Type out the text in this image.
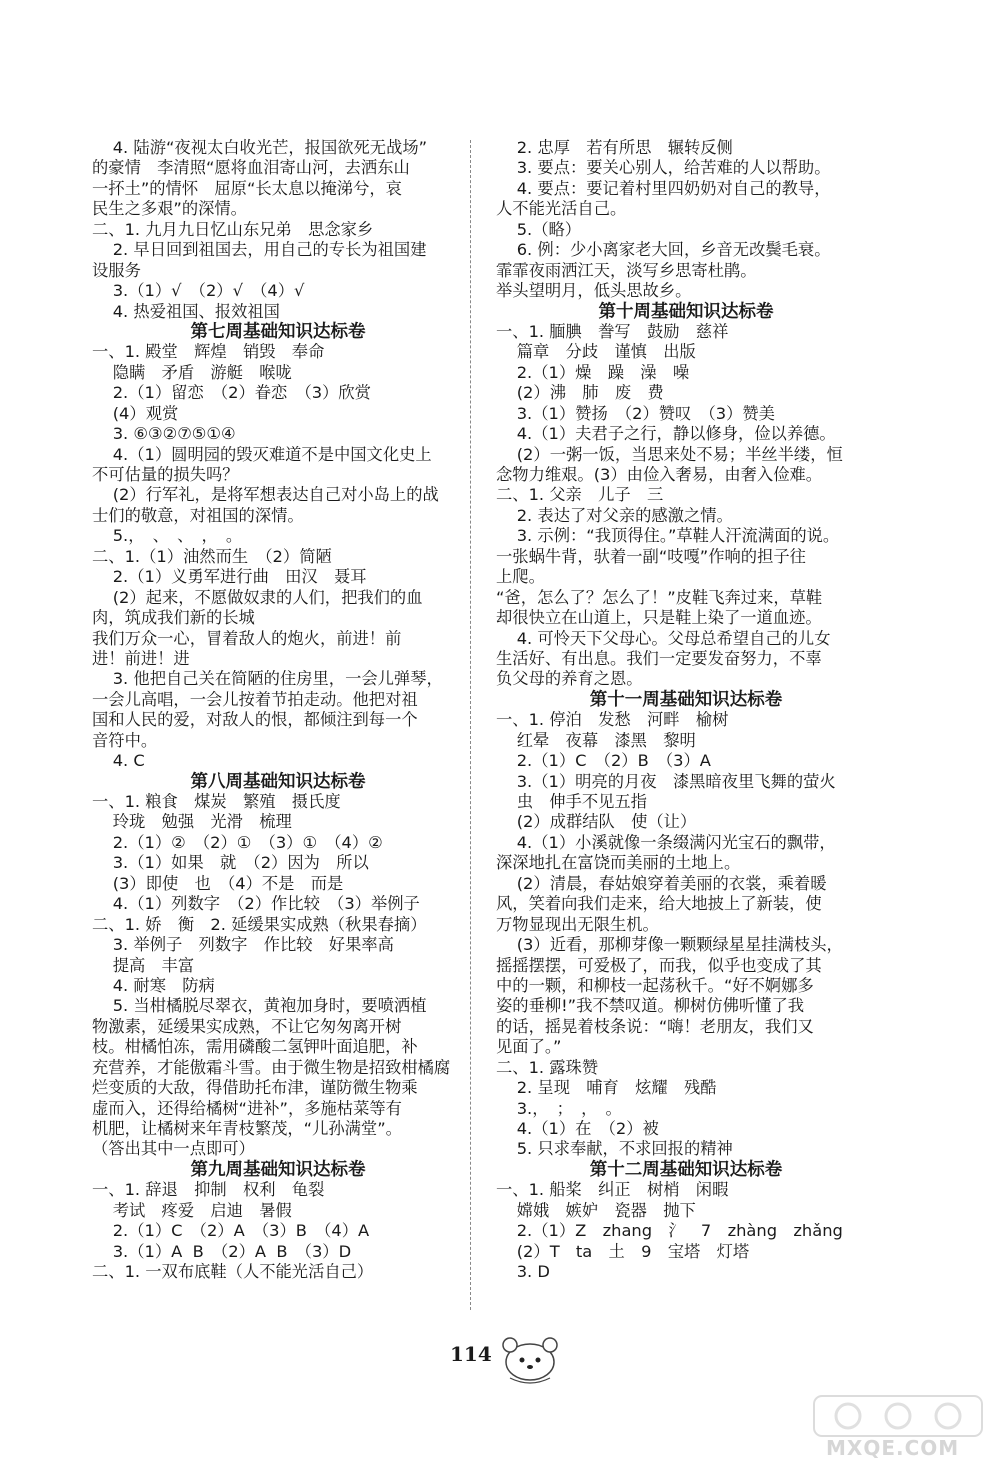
4. 陆游“夜视太白收光芒，报国欲死无战场”
的豪情　李清照“愿将血泪寄山河，去洒东山
一抔土”的情怀　屈原“长太息以掩涕兮，哀
民生之多艰”的深情。
二、1. 九月九日忆山东兄弟　思念家乡
2. 早日回到祖国去，用自己的专长为祖国建
设服务
3.（1）√　（2）√　（4）√
4. 热爱祖国、报效祖国
第七周基础知识达标卷
一、1. 殿堂　辉煌　销毁　奉命
隐瞒　矛盾　游艇　喉咙
2.（1）留恋　（2）眷恋　（3）欣赏
(4）观赏
3. ⑥③②⑦⑤①④
4.（1）圆明园的毁灭难道不是中国文化史上
不可估量的损失吗？
(2）行军礼，是将军想表达自己对小岛上的战
士们的敬意，对祖国的深情。
5.，　、　、　，　。
二、1.（1）油然而生　（2）简陋
2.（1）义勇军进行曲　田汉　聂耳
(2）起来，不愿做奴隶的人们，把我们的血
肉，筑成我们新的长城
我们万众一心，冒着敌人的炮火，前进！前
进！前进！进
3. 他把自己关在简陋的住房里，一会儿弹琴，
一会儿高唱，一会儿按着节拍走动。他把对祖
国和人民的爱，对敌人的恨，都倾注到每一个
音符中。
4. C
第八周基础知识达标卷
一、1. 粮食　煤炭　繁殖　摄氏度
玲珑　勉强　光滑　梳理
2.（1）②　（2）①　（3）①　（4）②
3.（1）如果　就　（2）因为　所以
(3）即使　也　（4）不是　而是
4.（1）列数字　（2）作比较　（3）举例子
二、1. 娇　衡　2. 延缓果实成熟（秋果春摘）
3. 举例子　列数字　作比较　好果率高
提高　丰富
4. 耐寒　防病
5. 当柑橘脱尽翠衣，黄袍加身时，要喷洒植
物激素，延缓果实成熟，不让它匆匆离开树
枝。柑橘怕冻，需用磷酸二氢钾叶面追肥，补
充营养，才能傲霜斗雪。由于微生物是招致柑橘腐
烂变质的大敌，得借助托布津，谨防微生物乘
虚而入，还得给橘树“进补”，多施枯菜等有
机肥，让橘树来年青枝繁茂，“儿孙满堂”。
（答出其中一点即可）
第九周基础知识达标卷
一、1. 辞退　抑制　权利　龟裂
考试　疼爱　启迪　暑假
2.（1）C　（2）A　（3）B　（4）A
3.（1）A  B　（2）A  B　（3）D
二、1. 一双布底鞋（人不能光活自己）
2. 忠厚　若有所思　辗转反侧
3. 要点：要关心别人，给苦难的人以帮助。
4. 要点：要记着村里四奶奶对自己的教导，
人不能光活自己。
5.（略）
6. 例：少小离家老大回，乡音无改鬓毛衰。
霏霏夜雨洒江天，淡写乡思寄杜鹃。
举头望明月，低头思故乡。
第十周基础知识达标卷
一、1. 腼腆　誊写　鼓励　慈祥
篇章　分歧　谨慎　出版
2.（1）燥　躁　澡　噪
(2）沸　肺　废　费
3.（1）赞扬　（2）赞叹　（3）赞美
4.（1）夫君子之行，静以修身，俭以养德。
(2）一粥一饭，当思来处不易；半丝半缕，恒
念物力维艰。(3）由俭入奢易，由奢入俭难。
二、1. 父亲　儿子　三
2. 表达了对父亲的感激之情。
3. 示例：“我顶得住。”草鞋人汗流满面的说。
一张蜗牛背，驮着一副“吱嘎”作响的担子往
上爬。
“爸，怎么了？怎么了！”皮鞋飞奔过来，草鞋
却很快立在山道上，只是鞋上染了一道血迹。
4. 可怜天下父母心。父母总希望自己的儿女
生活好、有出息。我们一定要发奋努力，不辜
负父母的养育之恩。
第十一周基础知识达标卷
一、1. 停泊　发愁　河畔　榆树
红晕　夜幕　漆黑　黎明
2.（1）C　（2）B　（3）A
3.（1）明亮的月夜　漆黑暗夜里飞舞的萤火
虫　伸手不见五指
(2）成群结队　使（让）
4.（1）小溪就像一条缀满闪光宝石的飘带，
深深地扎在富饶而美丽的土地上。
(2）清晨，春姑娘穿着美丽的衣裳，乘着暖
风，笑着向我们走来，给大地披上了新装，使
万物显现出无限生机。
(3）近看，那柳芽像一颗颗绿星星挂满枝头，
摇摇摆摆，可爱极了，而我，似乎也变成了其
中的一颗，和柳枝一起荡秋千。“好不婀娜多
姿的垂柳!”我不禁叹道。柳树仿佛听懂了我
的话，摇晃着枝条说：“嗨！老朋友，我们又
见面了。”
二、1. 露珠赞
2. 呈现　哺育　炫耀　残酷
3.，　；　，　。
4.（1）在　（2）被
5. 只求奉献，不求回报的精神
第十二周基础知识达标卷
一、1. 船桨　纠正　树梢　闲暇
嫦娥　嫉妒　瓷器　抛下
2.（1）Z　zhang　氵　7　zhàng　zhǎng
(2）T　ta　土　9　宝塔　灯塔
3. D
114
MXQE.COM
